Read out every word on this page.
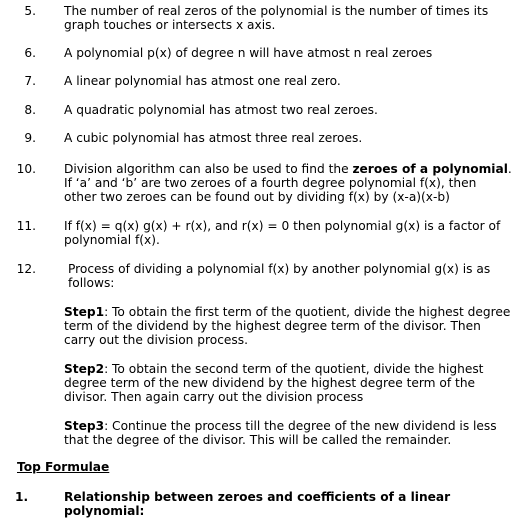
5. The number of real zeros of the polynomial is the number of times its graph touches or intersects x axis.
6. A polynomial p(x) of degree n will have atmost n real zeroes
7. A linear polynomial has atmost one real zero.
8. A quadratic polynomial has atmost two real zeroes.
9. A cubic polynomial has atmost three real zeroes.
10. Division algorithm can also be used to find the zeroes of a polynomial. If ‘a’ and ‘b’ are two zeroes of a fourth degree polynomial f(x), then other two zeroes can be found out by dividing f(x) by (x-a)(x-b)
11. If f(x) = q(x) g(x) + r(x), and r(x) = 0 then polynomial g(x) is a factor of polynomial f(x).
12.	Process of dividing a polynomial f(x) by another polynomial g(x) is as follows:
Step1: To obtain the first term of the quotient, divide the highest degree term of the dividend by the highest degree term of the divisor. Then carry out the division process.
Step2: To obtain the second term of the quotient, divide the highest degree term of the new dividend by the highest degree term of the divisor. Then again carry out the division process
Step3: Continue the process till the degree of the new dividend is less that the degree of the divisor. This will be called the remainder.
Top Formulae
1.	Relationship between zeroes and coefficients of a linear polynomial:
